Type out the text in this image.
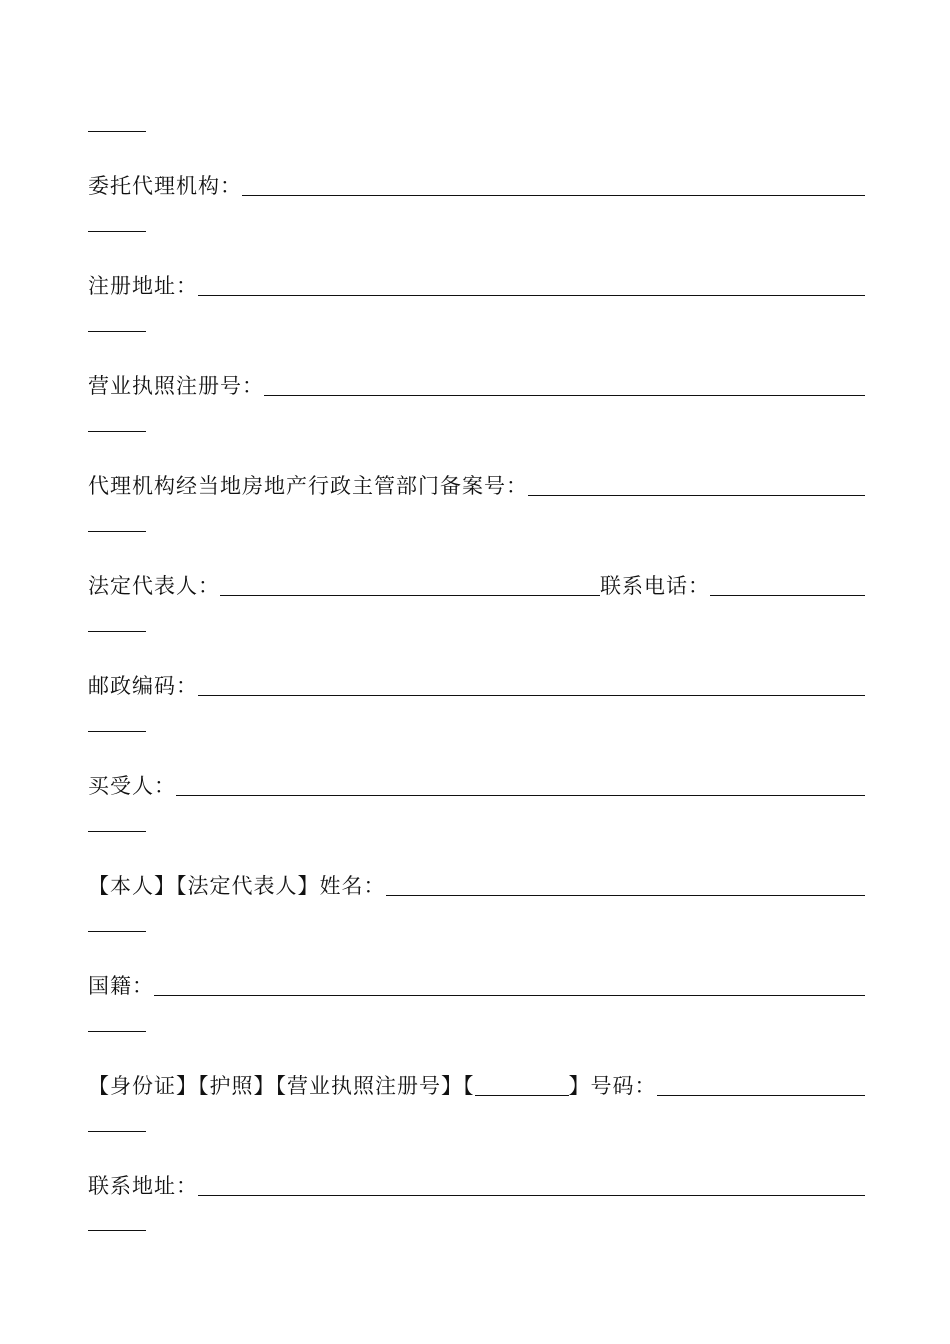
委托代理机构：
注册地址：
营业执照注册号：
代理机构经当地房地产行政主管部门备案号：
法定代表人：	联系电话：
邮政编码：
买受人：
【本人】【法定代表人】姓名：
国籍：
【身份证】【护照】【营业执照注册号】【	】号码：
联系地址：
